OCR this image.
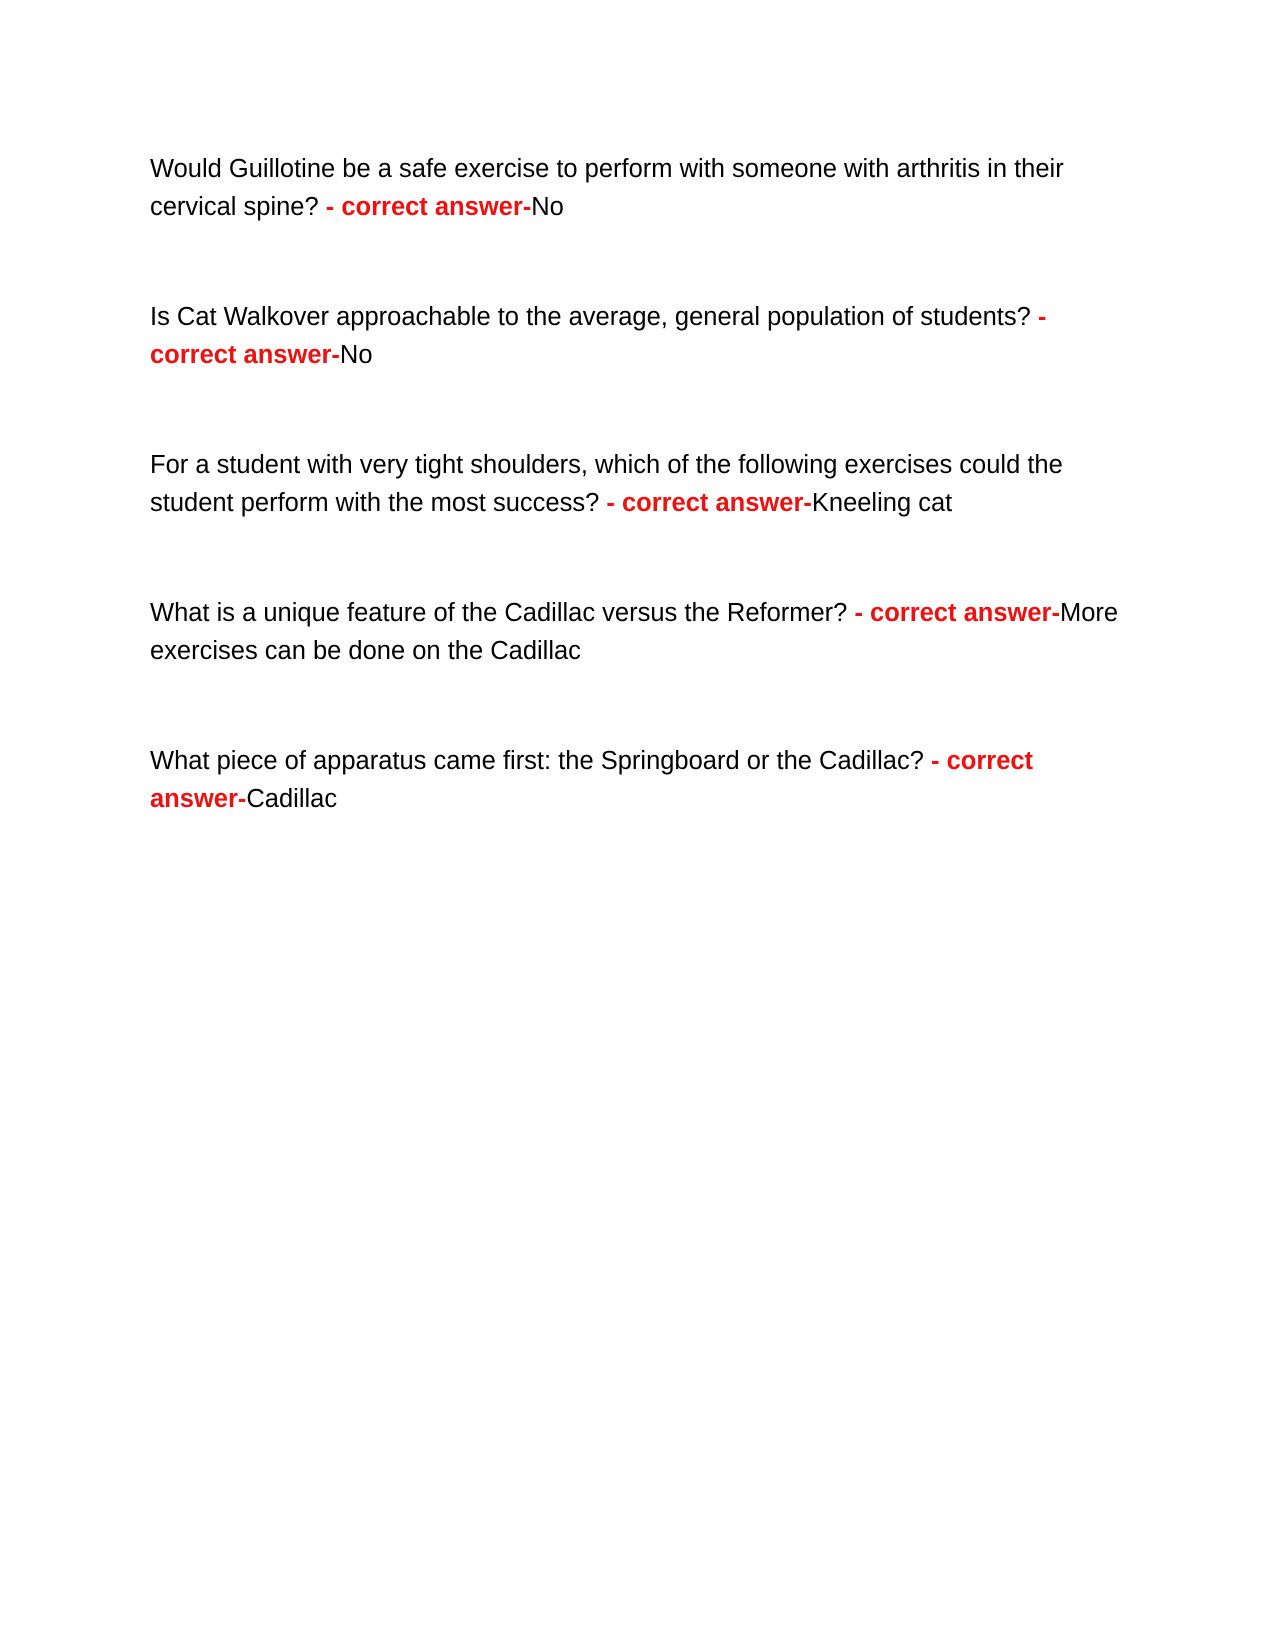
Would Guillotine be a safe exercise to perform with someone with arthritis in their cervical spine? - correct answer-No
Is Cat Walkover approachable to the average, general population of students? - correct answer-No
For a student with very tight shoulders, which of the following exercises could the student perform with the most success? - correct answer-Kneeling cat
What is a unique feature of the Cadillac versus the Reformer? - correct answer-More exercises can be done on the Cadillac
What piece of apparatus came first: the Springboard or the Cadillac? - correct answer-Cadillac
